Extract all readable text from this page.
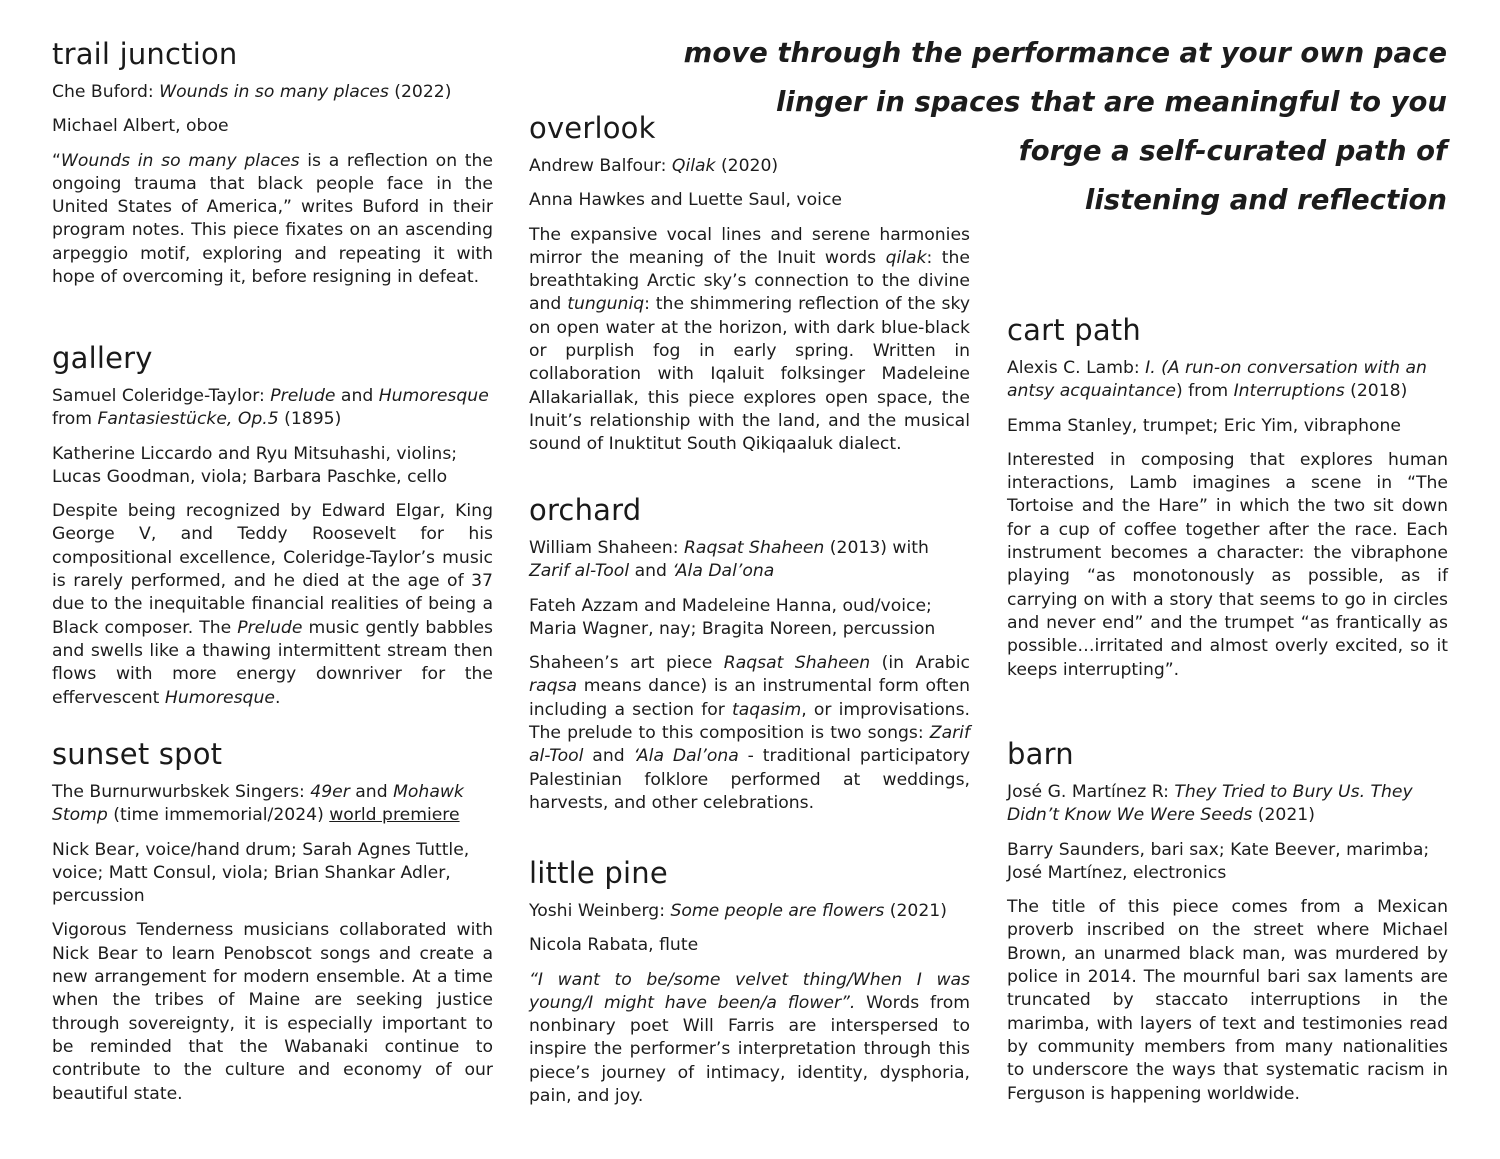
move through the performance at your own pace

linger in spaces that are meaningful to you

forge a self-curated path of

listening and reflection

trail junction

Che Buford: Wounds in so many places (2022)

Michael Albert, oboe

“Wounds in so many places is a reflection on the ongoing trauma that black people face in the United States of America,” writes Buford in their program notes. This piece fixates on an ascending arpeggio motif, exploring and repeating it with hope of overcoming it, before resigning in defeat.

gallery

Samuel Coleridge-Taylor: Prelude and Humoresque from Fantasiestücke, Op.5 (1895)

Katherine Liccardo and Ryu Mitsuhashi, violins; Lucas Goodman, viola; Barbara Paschke, cello

Despite being recognized by Edward Elgar, King George V, and Teddy Roosevelt for his compositional excellence, Coleridge-Taylor’s music is rarely performed, and he died at the age of 37 due to the inequitable financial realities of being a Black composer. The Prelude music gently babbles and swells like a thawing intermittent stream then flows with more energy downriver for the effervescent Humoresque.

sunset spot

The Burnurwurbskek Singers: 49er and Mohawk Stomp (time immemorial/2024) world premiere

Nick Bear, voice/hand drum; Sarah Agnes Tuttle, voice; Matt Consul, viola; Brian Shankar Adler, percussion

Vigorous Tenderness musicians collaborated with Nick Bear to learn Penobscot songs and create a new arrangement for modern ensemble. At a time when the tribes of Maine are seeking justice through sovereignty, it is especially important to be reminded that the Wabanaki continue to contribute to the culture and economy of our beautiful state.

overlook

Andrew Balfour: Qilak (2020)

Anna Hawkes and Luette Saul, voice

The expansive vocal lines and serene harmonies mirror the meaning of the Inuit words qilak: the breathtaking Arctic sky’s connection to the divine and tunguniq: the shimmering reflection of the sky on open water at the horizon, with dark blue-black or purplish fog in early spring. Written in collaboration with Iqaluit folksinger Madeleine Allakariallak, this piece explores open space, the Inuit’s relationship with the land, and the musical sound of Inuktitut South Qikiqaaluk dialect.

orchard

William Shaheen: Raqsat Shaheen (2013) with Zarif al-Tool and ‘Ala Dal’ona

Fateh Azzam and Madeleine Hanna, oud/voice; Maria Wagner, nay; Bragita Noreen, percussion

Shaheen’s art piece Raqsat Shaheen (in Arabic raqsa means dance) is an instrumental form often including a section for taqasim, or improvisations. The prelude to this composition is two songs: Zarif al-Tool and ‘Ala Dal’ona - traditional participatory Palestinian folklore performed at weddings, harvests, and other celebrations.

little pine

Yoshi Weinberg: Some people are flowers (2021)

Nicola Rabata, flute

“I want to be/some velvet thing/When I was young/I might have been/a flower”. Words from nonbinary poet Will Farris are interspersed to inspire the performer’s interpretation through this piece’s journey of intimacy, identity, dysphoria, pain, and joy.

cart path

Alexis C. Lamb: I. (A run-on conversation with an antsy acquaintance) from Interruptions (2018)

Emma Stanley, trumpet; Eric Yim, vibraphone

Interested in composing that explores human interactions, Lamb imagines a scene in “The Tortoise and the Hare” in which the two sit down for a cup of coffee together after the race. Each instrument becomes a character: the vibraphone playing “as monotonously as possible, as if carrying on with a story that seems to go in circles and never end” and the trumpet “as frantically as possible…irritated and almost overly excited, so it keeps interrupting”.

barn

José G. Martínez R: They Tried to Bury Us. They Didn’t Know We Were Seeds (2021)

Barry Saunders, bari sax; Kate Beever, marimba; José Martínez, electronics

The title of this piece comes from a Mexican proverb inscribed on the street where Michael Brown, an unarmed black man, was murdered by police in 2014. The mournful bari sax laments are truncated by staccato interruptions in the marimba, with layers of text and testimonies read by community members from many nationalities to underscore the ways that systematic racism in Ferguson is happening worldwide.
